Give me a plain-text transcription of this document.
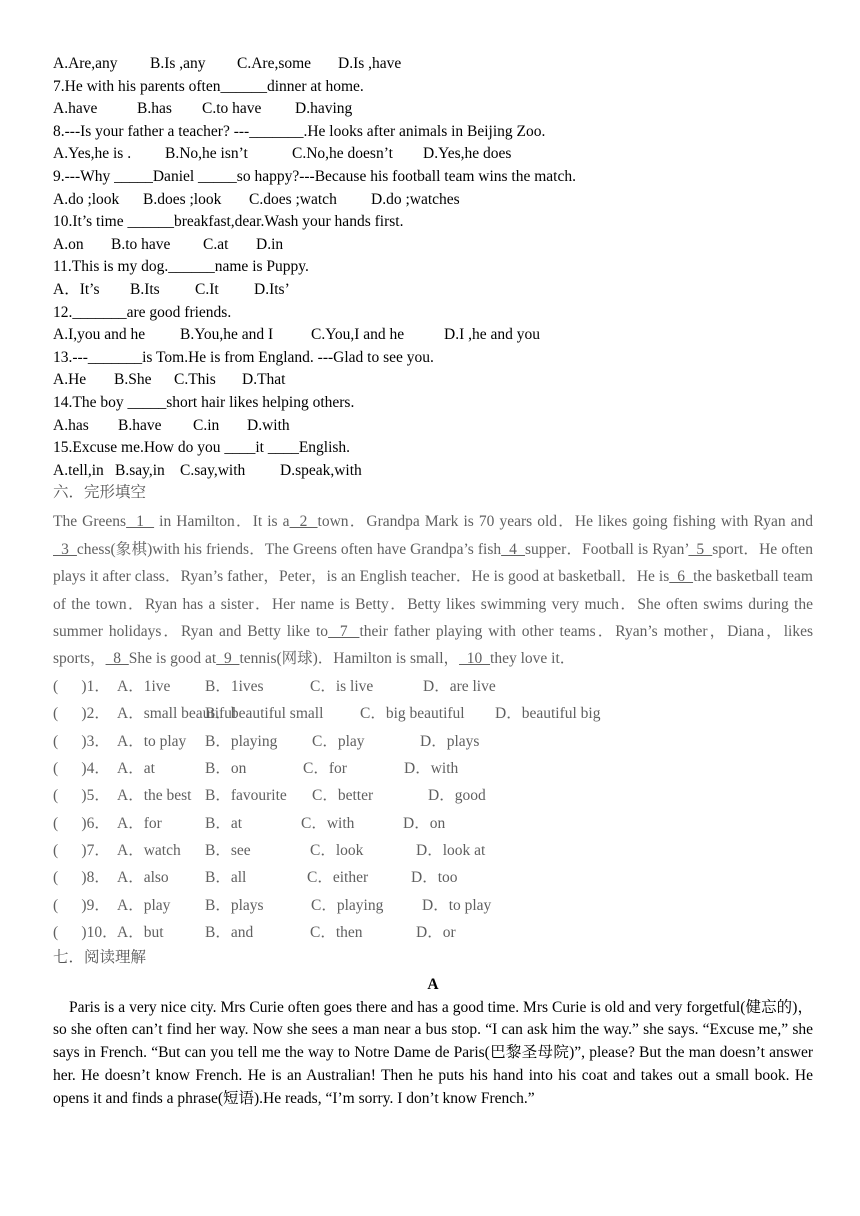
A.Are,any B.Is ,any C.Are,some D.Is ,have
7.He with his parents often______dinner at home.
A.have	B.has C.to have D.having
8.---Is your father a teacher? ---_______.He looks after animals in Beijing Zoo.
A.Yes,he is . B.No,he isn’t	C.No,he doesn’t D.Yes,he does
9.---Why _____Daniel _____so happy?---Because his football team wins the match.
A.do ;look B.does ;look C.does ;watch D.do ;watches
10.It’s time ______breakfast,dear.Wash your hands first.
A.on B.to have C.at D.in
11.This is my dog.______name is Puppy.
A．It’s B.Its C.It D.Its’
12._______are good friends.
A.I,you and he B.You,he and I C.You,I and he	D.I ,he and you
13.---_______is Tom.He is from England. ---Glad to see you.
A.He B.She C.This D.That
14.The boy _____short hair likes helping others.
A.has B.have C.in D.with
15.Excuse me.How do you ____it ____English.
A.tell,in B.say,in C.say,with D.speak,with
六．完形填空
The Greens  1   in Hamilton．It is a  2  town．Grandpa Mark is 70 years old．He likes going fishing with Ryan and  3  chess(象棋)with his friends．The Greens often have Grandpa’s fish  4  supper．Football is Ryan’  5  sport．He often plays it after class．Ryan’s father，Peter，is an English teacher．He is good at basketball．He is  6  the basketball team of the town．Ryan has a sister．Her name is Betty．Betty likes swimming very much．She often swims during the summer holidays．Ryan and Betty like to  7  their father playing with other teams．Ryan’s mother，Diana，likes sports，  8  She is good at  9  tennis(网球)．Hamilton is small，  10  they love it．
(      )1． A．1ive B．1ives	C．is live	D．are live
(      )2． A．small beautifulB．beautiful small C．big beautiful D．beautiful big
(      )3． A．to play B．playing C．play	D．plays
(      )4． A．at	B．on	C．for	D．with
(      )5． A．the best B．favourite C．better	D．good
(      )6． A．for	B．at	C．with	D．on
(      )7． A．watch B．see	C．look	D．look at
(      )8． A．also B．all	C．either	D．too
(      )9． A．play B．plays	C．playing D．to play
(      )10．A．but	B．and	C．then	D．or
七．阅读理解
A
Paris is a very nice city. Mrs Curie often goes there and has a good time. Mrs Curie is old and very forgetful(健忘的)，so she often can’t find her way. Now she sees a man near a bus stop. “I can ask him the way.” she says. “Excuse me,” she says in French. “But can you tell me the way to Notre Dame de Paris(巴黎圣母院)”, please? But the man doesn’t answer her. He doesn’t know French. He is an Australian! Then he puts his hand into his coat and takes out a small book. He opens it and finds a phrase(短语).He reads, “I’m sorry. I don’t know French.”
